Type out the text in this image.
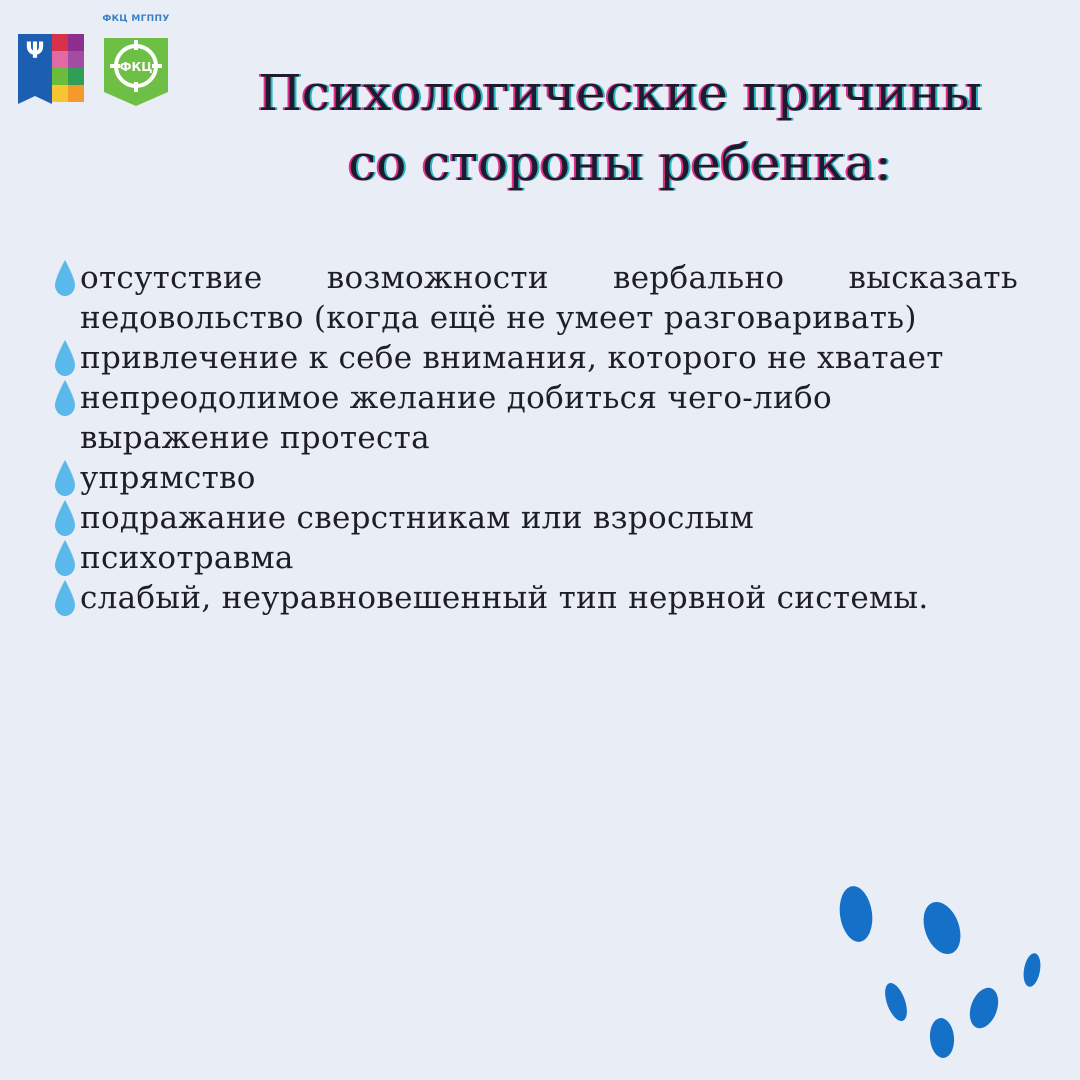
Ψ
ФКЦ МГППУ
ФКЦ	Психологические причины
со стороны ребенка:
отсутствие возможности вербально высказать недовольство (когда ещё не умеет разговаривать)
привлечение к себе внимания, которого не хватает
непреодолимое желание добиться чего-либо
выражение протеста
упрямство
подражание сверстникам или взрослым
психотравма
слабый, неуравновешенный тип нервной системы.
